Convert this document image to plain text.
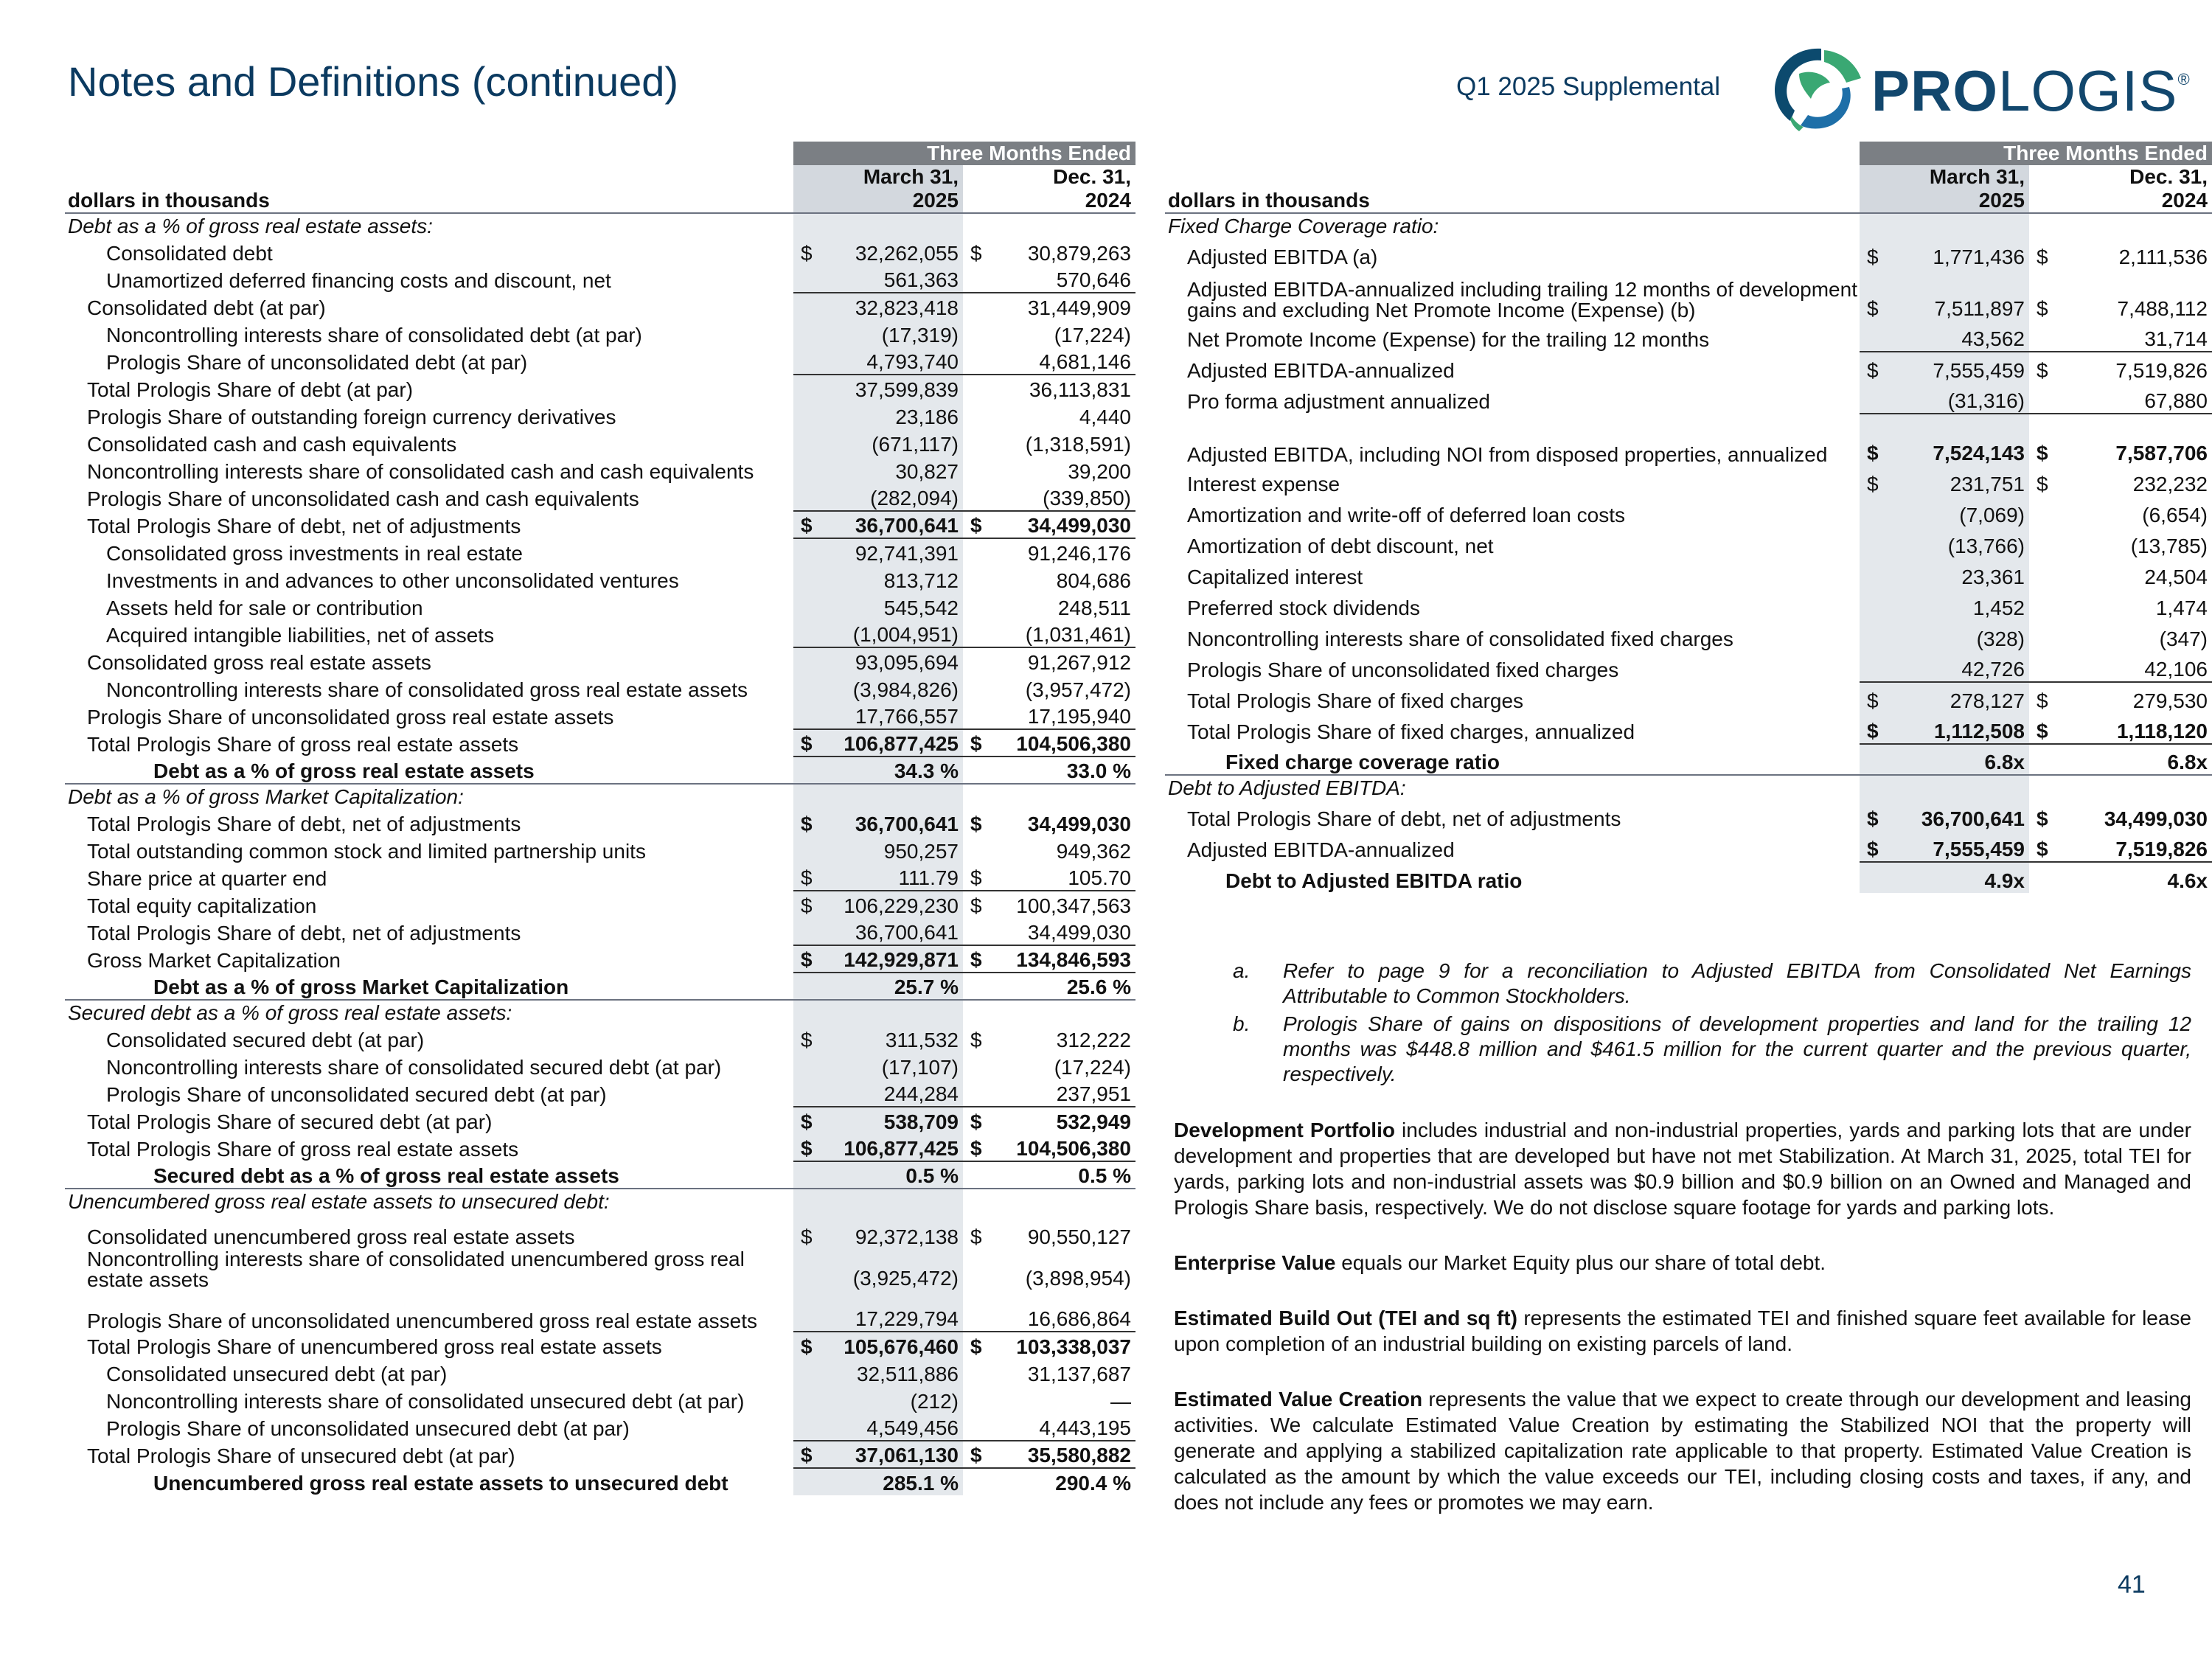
Notes and Definitions (continued)	Q1 2025 Supplemental	PROLOGIS®
	Three Months Ended			
		March 31,		Dec. 31,
dollars in thousands		2025		2024
Debt as a % of gross real estate assets:				
Consolidated debt	$	32,262,055	$	30,879,263
Unamortized deferred financing costs and discount, net		561,363		570,646
Consolidated debt (at par)		32,823,418		31,449,909
Noncontrolling interests share of consolidated debt (at par)		(17,319)		(17,224)
Prologis Share of unconsolidated debt (at par)		4,793,740		4,681,146
Total Prologis Share of debt (at par)		37,599,839		36,113,831
Prologis Share of outstanding foreign currency derivatives		23,186		4,440
Consolidated cash and cash equivalents		(671,117)		(1,318,591)
Noncontrolling interests share of consolidated cash and cash equivalents		30,827		39,200
Prologis Share of unconsolidated cash and cash equivalents		(282,094)		(339,850)
Total Prologis Share of debt, net of adjustments	$	36,700,641	$	34,499,030
Consolidated gross investments in real estate		92,741,391		91,246,176
Investments in and advances to other unconsolidated ventures		813,712		804,686
Assets held for sale or contribution		545,542		248,511
Acquired intangible liabilities, net of assets		(1,004,951)		(1,031,461)
Consolidated gross real estate assets		93,095,694		91,267,912
Noncontrolling interests share of consolidated gross real estate assets		(3,984,826)		(3,957,472)
Prologis Share of unconsolidated gross real estate assets		17,766,557		17,195,940
Total Prologis Share of gross real estate assets	$	106,877,425	$	104,506,380
Debt as a % of gross real estate assets		34.3 %		33.0 %
Debt as a % of gross Market Capitalization:				
Total Prologis Share of debt, net of adjustments	$	36,700,641	$	34,499,030
Total outstanding common stock and limited partnership units		950,257		949,362
Share price at quarter end	$	111.79	$	105.70
Total equity capitalization	$	106,229,230	$	100,347,563
Total Prologis Share of debt, net of adjustments		36,700,641		34,499,030
Gross Market Capitalization	$	142,929,871	$	134,846,593
Debt as a % of gross Market Capitalization		25.7 %		25.6 %
Secured debt as a % of gross real estate assets:				
Consolidated secured debt (at par)	$	311,532	$	312,222
Noncontrolling interests share of consolidated secured debt (at par)		(17,107)		(17,224)
Prologis Share of unconsolidated secured debt (at par)		244,284		237,951
Total Prologis Share of secured debt (at par)	$	538,709	$	532,949
Total Prologis Share of gross real estate assets	$	106,877,425	$	104,506,380
Secured debt as a % of gross real estate assets		0.5 %		0.5 %
Unencumbered gross real estate assets to unsecured debt:				
Consolidated unencumbered gross real estate assets	$	92,372,138	$	90,550,127
Noncontrolling interests share of consolidated unencumbered gross real estate assets		(3,925,472)		(3,898,954)
Prologis Share of unconsolidated unencumbered gross real estate assets		17,229,794		16,686,864
Total Prologis Share of unencumbered gross real estate assets	$	105,676,460	$	103,338,037
Consolidated unsecured debt (at par)		32,511,886		31,137,687
Noncontrolling interests share of consolidated unsecured debt (at par)		(212)		—
Prologis Share of unconsolidated unsecured debt (at par)		4,549,456		4,443,195
Total Prologis Share of unsecured debt (at par)	$	37,061,130	$	35,580,882
Unencumbered gross real estate assets to unsecured debt		285.1 %		290.4 %
	Three Months Ended			
		March 31,		Dec. 31,
dollars in thousands		2025		2024
Fixed Charge Coverage ratio:				
Adjusted EBITDA (a)	$	1,771,436	$	2,111,536
Adjusted EBITDA-annualized including trailing 12 months of development gains and excluding Net Promote Income (Expense) (b)	$	7,511,897	$	7,488,112
Net Promote Income (Expense) for the trailing 12 months		43,562		31,714
Adjusted EBITDA-annualized	$	7,555,459	$	7,519,826
Pro forma adjustment annualized		(31,316)		67,880
Adjusted EBITDA, including NOI from disposed properties, annualized	$	7,524,143	$	7,587,706
Interest expense	$	231,751	$	232,232
Amortization and write-off of deferred loan costs		(7,069)		(6,654)
Amortization of debt discount, net		(13,766)		(13,785)
Capitalized interest		23,361		24,504
Preferred stock dividends		1,452		1,474
Noncontrolling interests share of consolidated fixed charges		(328)		(347)
Prologis Share of unconsolidated fixed charges		42,726		42,106
Total Prologis Share of fixed charges	$	278,127	$	279,530
Total Prologis Share of fixed charges, annualized	$	1,112,508	$	1,118,120
Fixed charge coverage ratio		6.8x		6.8x
Debt to Adjusted EBITDA:				
Total Prologis Share of debt, net of adjustments	$	36,700,641	$	34,499,030
Adjusted EBITDA-annualized	$	7,555,459	$	7,519,826
Debt to Adjusted EBITDA ratio		4.9x		4.6x
a.	Refer to page 9 for a reconciliation to Adjusted EBITDA from Consolidated Net Earnings Attributable to Common Stockholders.
b.	Prologis Share of gains on dispositions of development properties and land for the trailing 12 months was $448.8 million and $461.5 million for the current quarter and the previous quarter, respectively.

Development Portfolio includes industrial and non-industrial properties, yards and parking lots that are under development and properties that are developed but have not met Stabilization. At March 31, 2025, total TEI for yards, parking lots and non-industrial assets was $0.9 billion and $0.9 billion on an Owned and Managed and Prologis Share basis, respectively. We do not disclose square footage for yards and parking lots.

Enterprise Value equals our Market Equity plus our share of total debt.

Estimated Build Out (TEI and sq ft) represents the estimated TEI and finished square feet available for lease upon completion of an industrial building on existing parcels of land.

Estimated Value Creation represents the value that we expect to create through our development and leasing activities. We calculate Estimated Value Creation by estimating the Stabilized NOI that the property will generate and applying a stabilized capitalization rate applicable to that property. Estimated Value Creation is calculated as the amount by which the value exceeds our TEI, including closing costs and taxes, if any, and does not include any fees or promotes we may earn.

41
